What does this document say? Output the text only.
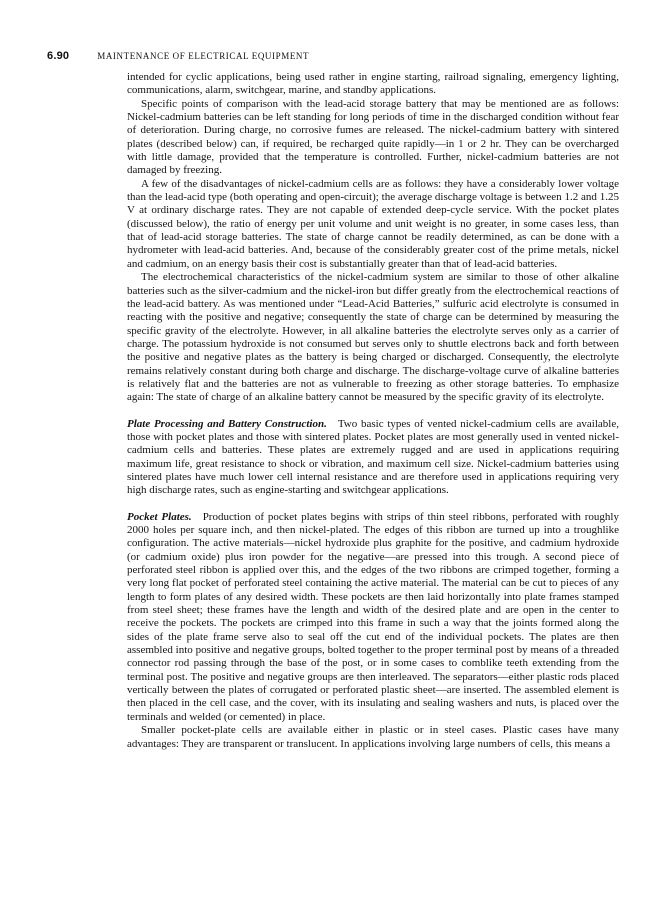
6.90	MAINTENANCE OF ELECTRICAL EQUIPMENT

intended for cyclic applications, being used rather in engine starting, railroad signaling, emergency lighting, communications, alarm, switchgear, marine, and standby applications.

Specific points of comparison with the lead-acid storage battery that may be mentioned are as follows: Nickel-cadmium batteries can be left standing for long periods of time in the discharged condition without fear of deterioration. During charge, no corrosive fumes are released. The nickel-cadmium battery with sintered plates (described below) can, if required, be recharged quite rapidly—in 1 or 2 hr. They can be overcharged with little damage, provided that the temperature is controlled. Further, nickel-cadmium batteries are not damaged by freezing.

A few of the disadvantages of nickel-cadmium cells are as follows: they have a considerably lower voltage than the lead-acid type (both operating and open-circuit); the average discharge voltage is between 1.2 and 1.25 V at ordinary discharge rates. They are not capable of extended deep-cycle service. With the pocket plates (discussed below), the ratio of energy per unit volume and unit weight is no greater, in some cases less, than that of lead-acid storage batteries. The state of charge cannot be readily determined, as can be done with a hydrometer with lead-acid batteries. And, because of the considerably greater cost of the prime metals, nickel and cadmium, on an energy basis their cost is substantially greater than that of lead-acid batteries.

The electrochemical characteristics of the nickel-cadmium system are similar to those of other alkaline batteries such as the silver-cadmium and the nickel-iron but differ greatly from the electrochemical reactions of the lead-acid battery. As was mentioned under “Lead-Acid Batteries,” sulfuric acid electrolyte is consumed in reacting with the positive and negative; consequently the state of charge can be determined by measuring the specific gravity of the electrolyte. However, in all alkaline batteries the electrolyte serves only as a carrier of charge. The potassium hydroxide is not consumed but serves only to shuttle electrons back and forth between the positive and negative plates as the battery is being charged or discharged. Consequently, the electrolyte remains relatively constant during both charge and discharge. The discharge-voltage curve of alkaline batteries is relatively flat and the batteries are not as vulnerable to freezing as other storage batteries. To emphasize again: The state of charge of an alkaline battery cannot be measured by the specific gravity of its electrolyte.

Plate Processing and Battery Construction. Two basic types of vented nickel-cadmium cells are available, those with pocket plates and those with sintered plates. Pocket plates are most generally used in vented nickel-cadmium cells and batteries. These plates are extremely rugged and are used in applications requiring maximum life, great resistance to shock or vibration, and maximum cell size. Nickel-cadmium batteries using sintered plates have much lower cell internal resistance and are therefore used in applications requiring very high discharge rates, such as engine-starting and switchgear applications.

Pocket Plates. Production of pocket plates begins with strips of thin steel ribbons, perforated with roughly 2000 holes per square inch, and then nickel-plated. The edges of this ribbon are turned up into a troughlike configuration. The active materials—nickel hydroxide plus graphite for the positive, and cadmium hydroxide (or cadmium oxide) plus iron powder for the negative—are pressed into this trough. A second piece of perforated steel ribbon is applied over this, and the edges of the two ribbons are crimped together, forming a very long flat pocket of perforated steel containing the active material. The material can be cut to pieces of any length to form plates of any desired width. These pockets are then laid horizontally into plate frames stamped from steel sheet; these frames have the length and width of the desired plate and are open in the center to receive the pockets. The pockets are crimped into this frame in such a way that the joints formed along the sides of the plate frame serve also to seal off the cut end of the individual pockets. The plates are then assembled into positive and negative groups, bolted together to the proper terminal post by means of a threaded connector rod passing through the base of the post, or in some cases to comblike teeth extending from the terminal post. The positive and negative groups are then interleaved. The separators—either plastic rods placed vertically between the plates of corrugated or perforated plastic sheet—are inserted. The assembled element is then placed in the cell case, and the cover, with its insulating and sealing washers and nuts, is placed over the terminals and welded (or cemented) in place.

Smaller pocket-plate cells are available either in plastic or in steel cases. Plastic cases have many advantages: They are transparent or translucent. In applications involving large numbers of cells, this means a
